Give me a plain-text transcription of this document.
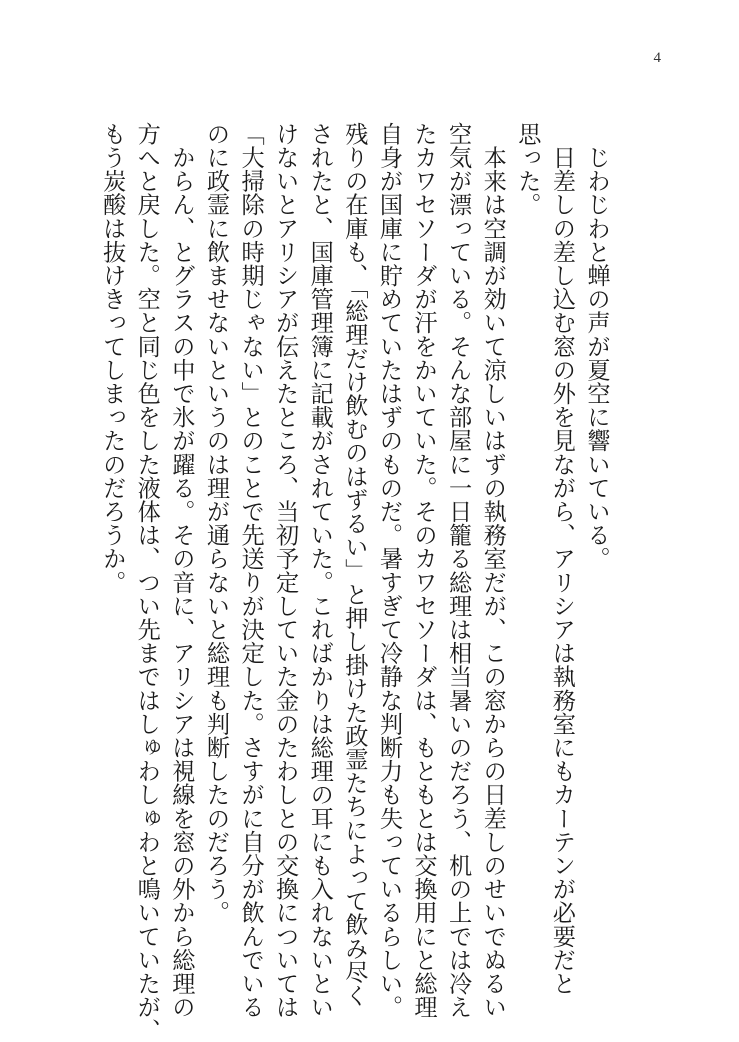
4
　じわじわと蝉の声が夏空に響いている。
　日差しの差し込む窓の外を見ながら、アリシアは執務室にもカーテンが必要だと
思った。
　本来は空調が効いて涼しいはずの執務室だが、この窓からの日差しのせいでぬるい
空気が漂っている。そんな部屋に一日籠る総理は相当暑いのだろう、机の上では冷え
たカワセソーダが汗をかいていた。そのカワセソーダは、もともとは交換用にと総理
自身が国庫に貯めていたはずのものだ。暑すぎて冷静な判断力も失っているらしい。
残りの在庫も、「総理だけ飲むのはずるい」と押し掛けた政霊たちによって飲み尽く
されたと、国庫管理簿に記載がされていた。こればかりは総理の耳にも入れないとい
けないとアリシアが伝えたところ、当初予定していた金のたわしとの交換については
「大掃除の時期じゃない」とのことで先送りが決定した。さすがに自分が飲んでいる
のに政霊に飲ませないというのは理が通らないと総理も判断したのだろう。
　からん、とグラスの中で氷が躍る。その音に、アリシアは視線を窓の外から総理の
方へと戻した。空と同じ色をした液体は、つい先まではしゅわしゅわと鳴いていたが、
もう炭酸は抜けきってしまったのだろうか。
